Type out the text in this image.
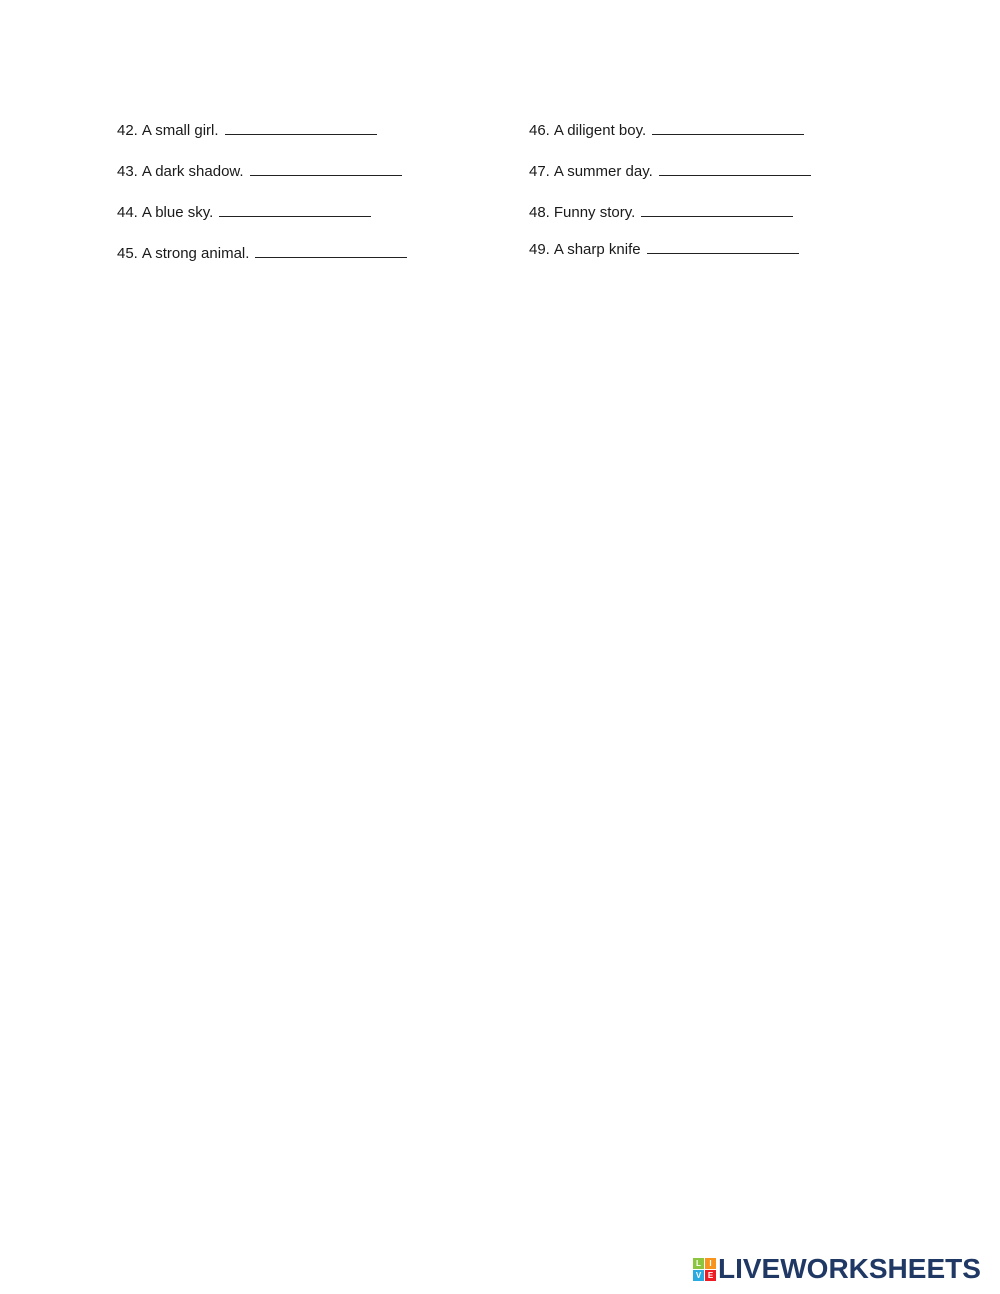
42. A small girl.
43. A dark shadow.
44. A blue sky.
45. A strong animal.
46. A diligent boy.
47. A summer day.
48. Funny story.
49. A sharp knife
L	I
V E LIVEWORKSHEETS
